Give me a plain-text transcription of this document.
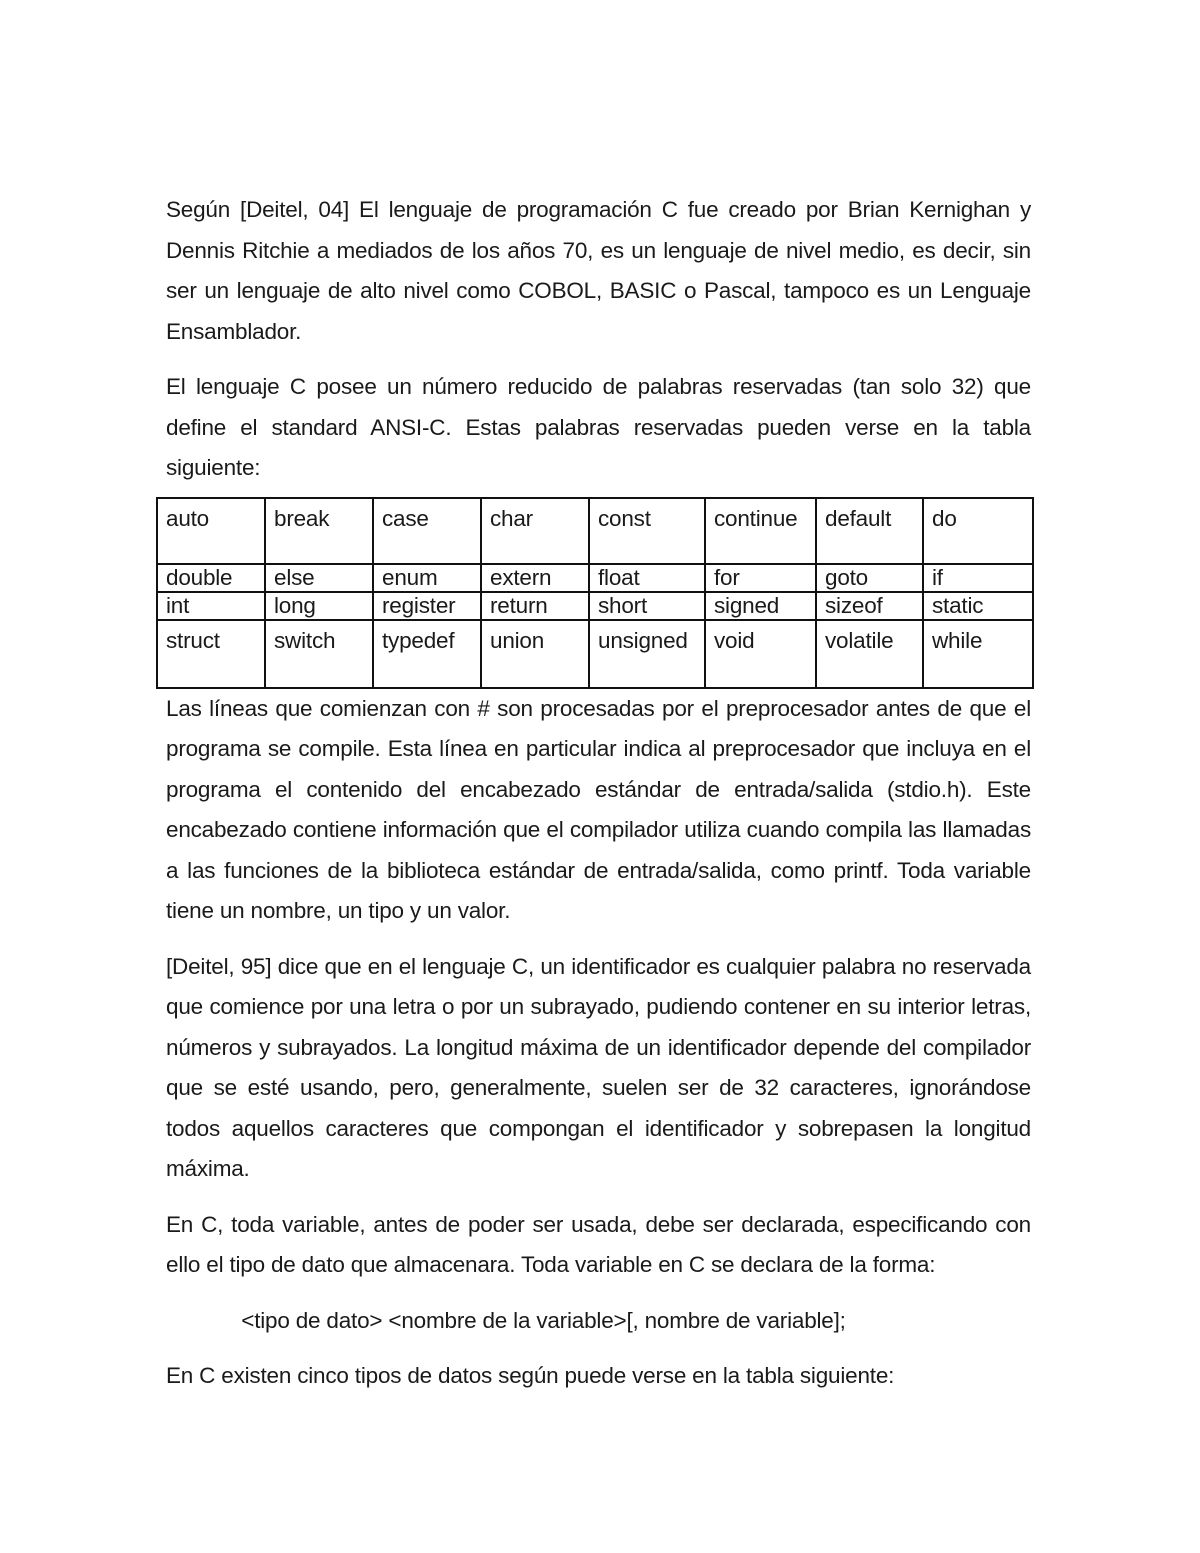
Según [Deitel, 04] El lenguaje de programación C fue creado por Brian Kernighan y Dennis Ritchie a mediados de los años 70, es un lenguaje de nivel medio, es decir, sin ser un lenguaje de alto nivel como COBOL, BASIC o Pascal, tampoco es un Lenguaje Ensamblador.

El lenguaje C posee un número reducido de palabras reservadas (tan solo 32) que define el standard ANSI-C. Estas palabras reservadas pueden verse en la tabla siguiente:

auto	break	case	char	const	continue	default	do
double	else	enum	extern	float	for	goto	if
int	long	register	return	short	signed	sizeof	static
struct	switch	typedef	union	unsigned	void	volatile	while

Las líneas que comienzan con # son procesadas por el preprocesador antes de que el programa se compile. Esta línea en particular indica al preprocesador que incluya en el programa el contenido del encabezado estándar de entrada/salida (stdio.h). Este encabezado contiene información que el compilador utiliza cuando compila las llamadas a las funciones de la biblioteca estándar de entrada/salida, como printf. Toda variable tiene un nombre, un tipo y un valor.

[Deitel, 95] dice que en el lenguaje C, un identificador es cualquier palabra no reservada que comience por una letra o por un subrayado, pudiendo contener en su interior letras, números y subrayados. La longitud máxima de un identificador depende del compilador que se esté usando, pero, generalmente, suelen ser de 32 caracteres, ignorándose todos aquellos caracteres que compongan el identificador y sobrepasen la longitud máxima.

En C, toda variable, antes de poder ser usada, debe ser declarada, especificando con ello el tipo de dato que almacenara. Toda variable en C se declara de la forma:

<tipo de dato> <nombre de la variable>[, nombre de variable];

En C existen cinco tipos de datos según puede verse en la tabla siguiente:
